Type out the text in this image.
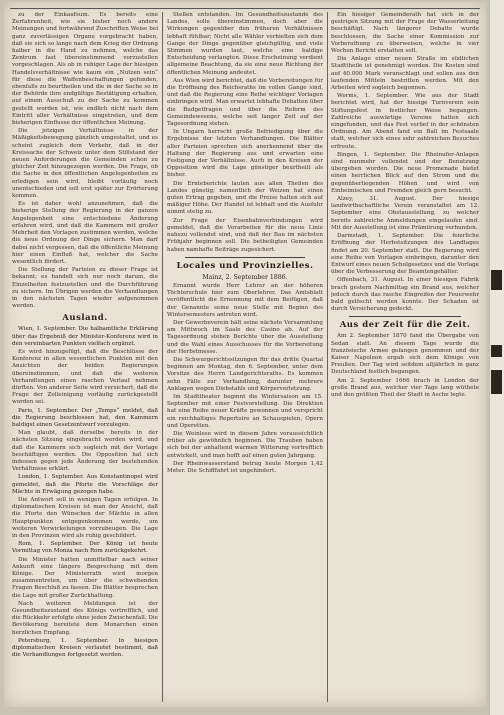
zu der Einkaufsum. Es bereits eine Zerfahrenheit, wie sie bisher noch andere Meinungen und fortwährend Zuschriften Weise bei ganz zuverlässigen Organe vorgebracht haben, daß sie sich so lange nach dem Krieg der Ordnung halber in die Hand zu nehmen, welche das Zentrum fast übereinstimmend vorzustellen vorgeschlagen. Als ob in ruhiger Lage der hiesigen Handelsverhältnisse wie kaum ein „Nutzen sein“ für diese die Waffenbeschaffungen gefunden, ebenfalls zu beurtheilen und die in der Sache so in der Behörde ihre endgültige Bestätigung erhalten, auf einem Ausschuß zu der Sache zu kommen gestellt worden ist, wie endlich nicht nach dem Eintritt aller Verhältnisse eingetreten, und dem bisherigen Einflusse der öffentlichen Meinung.

Die jetzigen Verhältnisse in der Mäßigkeitsbewegung gänzlich umgestaltet, und es scheint zugleich dem Verkehr, daß in der Kreissache der Schweiz unter dem Stillstand der neuen Anforderungen die Gemeinden schon zu gleicher Zeit hinzugezogen werden. Die Frage, ob die Sache in den öffentlichen Angelegenheiten zu erledigen sein wird, bleibt vorläufig noch unentschieden und soll erst später zur Erörterung kommen.

Es ist daher wohl anzunehmen, daß die bisherige Stellung der Regierung in der ganzen Angelegenheit eine entschiedene Änderung erfahren wird, und daß die Kammern mit großer Mehrheit den Vorlagen zustimmen werden, welche die neue Ordnung der Dinge sichern. Man darf dabei nicht vergessen, daß die öffentliche Meinung hier einen Einfluß hat, welcher die Sache wesentlich fördert.

Die Stellung der Parteien zu dieser Frage ist bekannt; es handelt sich nur noch darum, die Einzelheiten festzustellen und die Durchführung zu sichern. Im Übrigen werden die Verhandlungen in den nächsten Tagen wieder aufgenommen werden.

Ausland.

Wien, 1. September. Die halbamtliche Erklärung über das Ergebniß der Minister-Konferenz wird in den vereinbarten Punkten vielfach ergänzt.

Es wird hinzugefügt, daß die Beschlüsse der Konferenz in allen wesentlichen Punkten mit den Ansichten der beiden Regierungen übereinstimmen, und daß die weiteren Verhandlungen einen raschen Verlauf nehmen dürften. Von anderer Seite wird versichert, daß die Frage der Zolleinigung vorläufig zurückgestellt worden sei.

Paris, 1. September. Der „Temps“ meldet, daß die Regierung beschlossen hat, den Kammern baldigst einen Gesetzentwurf vorzulegen.

Man glaubt, daß derselbe bereits in der nächsten Sitzung eingebracht werden wird, und daß die Kammern sich sogleich mit der Vorlage beschäftigen werden. Die Opposition hat sich indessen gegen jede Änderung der bestehenden Verhältnisse erklärt.

London, 1. September. Aus Konstantinopel wird gemeldet, daß die Pforte die Vorschläge der Mächte in Erwägung gezogen habe.

Die Antwort soll in wenigen Tagen erfolgen. In diplomatischen Kreisen ist man der Ansicht, daß die Pforte den Wünschen der Mächte in allen Hauptpunkten entgegenkommen werde, um weiteren Verwickelungen vorzubeugen. Die Lage in den Provinzen wird als ruhig geschildert.

Rom, 1. September. Der König ist heute Vormittag von Monza nach Rom zurückgekehrt.

Die Minister hatten unmittelbar nach seiner Ankunft eine längere Besprechung mit dem Könige. Der Ministerrath wird morgen zusammentreten, um über die schwebenden Fragen Beschluß zu fassen. Die Blätter besprechen die Lage mit großer Zurückhaltung.

Nach weiteren Meldungen ist der Gesundheitszustand des Königs vortrefflich, und die Rückkehr erfolgte ohne jeden Zwischenfall. Die Bevölkerung bereitete dem Monarchen einen herzlichen Empfang.

Petersburg, 1. September. In hiesigen diplomatischen Kreisen verlautet bestimmt, daß die Verhandlungen fortgesetzt werden.

Stellen entstanden. Im Gesundheitszustande des Landes, solle übereinstimmen, doch aber die Wirkungen gegenüber den früheren Verhältnissen lebhaft fühlbar; Nicht alle Wähler verhielten sich dem Gange der Dinge gegenüber gleichgültig, und viele Stimmen wurden laut, welche eine baldige Entscheidung verlangten. Diese Erscheinung verdient allgemeine Beachtung, da sie eine neue Richtung der öffentlichen Meinung andeutet.

Aus Wien wird berichtet, daß die Vorbereitungen für die Eröffnung des Reichsraths im vollen Gange sind, und daß die Regierung eine Reihe wichtiger Vorlagen einbringen wird. Man erwartet lebhafte Debatten über die Budgetfragen und über die Reform des Gemeindewesens, welche seit langer Zeit auf der Tagesordnung stehen.

In Ungarn herrscht große Befriedigung über die Ergebnisse der letzten Verhandlungen. Die Blätter aller Parteien sprechen sich anerkennend über die Haltung der Regierung aus und erwarten eine Festigung der Verhältnisse. Auch in den Kreisen der Opposition wird die Lage günstiger beurtheilt als bisher.

Die Ernteberichte lauten aus allen Theilen des Landes günstig; namentlich der Weizen hat einen guten Ertrag gegeben, und die Preise halten sich auf mäßiger Höhe. Der Handel ist lebhaft und die Ausfuhr nimmt stetig zu.

Zur Frage der Eisenbahnverbindungen wird gemeldet, daß die Vorarbeiten für die neue Linie nahezu vollendet sind, und daß der Bau im nächsten Frühjahr beginnen soll. Die betheiligten Gemeinden haben namhafte Beiträge zugesichert.

Locales und Provinzielles.
Mainz, 2. September 1886.

Ernannt wurde Herr Lehrer an der höheren Töchterschule hier zum Oberlehrer. Das Amtsblatt veröffentlicht die Ernennung mit dem Beifügen, daß der Genannte seine neue Stelle mit Beginn des Wintersemesters antreten wird.

Der Gewerbeverein hält seine nächste Versammlung am Mittwoch im Saale des Casino ab. Auf der Tagesordnung stehen Berichte über die Ausstellung und die Wahl eines Ausschusses für die Vorbereitung der Herbstmesse.

Die Schwurgerichtssitzungen für das dritte Quartal beginnen am Montag, den 6. September, unter dem Vorsitze des Herrn Landgerichtsraths. Es kommen zehn Fälle zur Verhandlung, darunter mehrere Anklagen wegen Diebstahls und Körperverletzung.

Im Stadttheater beginnt die Wintersaison am 15. September mit einer Festvorstellung. Die Direktion hat eine Reihe neuer Kräfte gewonnen und verspricht ein reichhaltiges Repertoire an Schauspielen, Opern und Operetten.

Die Weinlese wird in diesem Jahre voraussichtlich früher als gewöhnlich beginnen. Die Trauben haben sich bei der anhaltend warmen Witterung vortrefflich entwickelt, und man hofft auf einen guten Jahrgang.

Der Rheinwasserstand betrug heute Morgen 1,42 Meter. Die Schifffahrt ist ungehindert.

Ein hiesiger Gemeinderath hat sich in der gestrigen Sitzung mit der Frage der Wasserleitung beschäftigt. Nach längerer Debatte wurde beschlossen, die Sache einer Kommission zur Vorberathung zu überweisen, welche in vier Wochen Bericht erstatten soll.

Die Anlage einer neuen Straße im südlichen Stadttheile ist genehmigt worden. Die Kosten sind auf 40.000 Mark veranschlagt und sollen aus den laufenden Mitteln bestritten werden. Mit den Arbeiten wird sogleich begonnen.

Worms, 1. September. Wie aus der Stadt berichtet wird, hat der hiesige Turnverein sein Stiftungsfest in festlicher Weise begangen. Zahlreiche auswärtige Vereine hatten sich eingefunden, und das Fest verlief in der schönsten Ordnung. Am Abend fand ein Ball im Festsaale statt, welcher sich eines sehr zahlreichen Besuches erfreute.

Bingen, 1. September. Die Rheinufer-Anlagen sind nunmehr vollendet und der Benutzung übergeben worden. Die neue Promenade bietet einen herrlichen Blick auf den Strom und die gegenüberliegenden Höhen und wird von Einheimischen und Fremden gleich gern besucht.

Alzey, 31. August. Der hiesige landwirthschaftliche Verein veranstaltet am 12. September eine Obstausstellung, zu welcher bereits zahlreiche Anmeldungen eingelaufen sind. Mit der Ausstellung ist eine Prämiirung verbunden.

Darmstadt, 1. September. Die feierliche Eröffnung der Herbstsitzungen des Landtages findet am 20. September statt. Die Regierung wird eine Reihe von Vorlagen einbringen, darunter den Entwurf eines neuen Schulgesetzes und die Vorlage über die Verbesserung der Beamtengehälter.

Offenbach, 31. August. In einer hiesigen Fabrik brach gestern Nachmittag ein Brand aus, welcher jedoch durch das rasche Eingreifen der Feuerwehr bald gelöscht werden konnte. Der Schaden ist durch Versicherung gedeckt.

Aus der Zeit für die Zeit.

Am 2. September 1870 fand die Übergabe von Sedan statt. An diesem Tage wurde die französische Armee gefangen genommen und der Kaiser Napoleon ergab sich dem Könige von Preußen. Der Tag wird seitdem alljährlich in ganz Deutschland festlich begangen.

Am 2. September 1666 brach in London der große Brand aus, welcher vier Tage lang wüthete und den größten Theil der Stadt in Asche legte.
